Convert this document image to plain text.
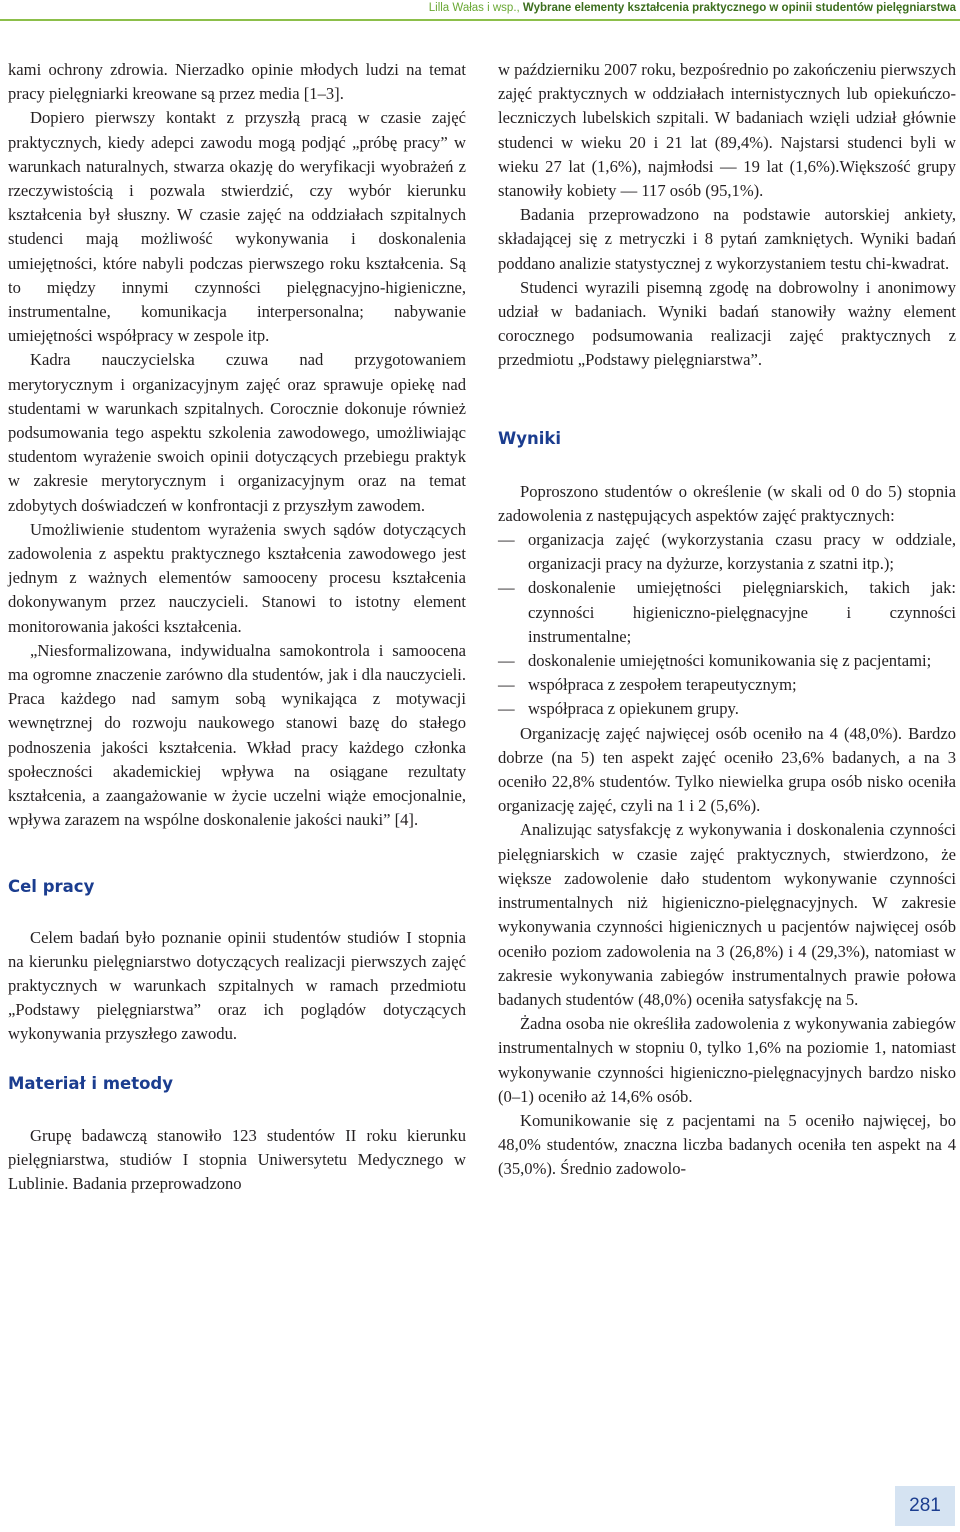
Lilla Wałas i wsp., Wybrane elementy kształcenia praktycznego w opinii studentów pielęgniarstwa

kami ochrony zdrowia. Nierzadko opinie młodych ludzi na temat pracy pielęgniarki kreowane są przez media [1–3].

Dopiero pierwszy kontakt z przyszłą pracą w czasie zajęć praktycznych, kiedy adepci zawodu mogą podjąć „próbę pracy” w warunkach naturalnych, stwarza okazję do weryfikacji wyobrażeń z rzeczywistością i pozwala stwierdzić, czy wybór kierunku kształcenia był słuszny. W czasie zajęć na oddziałach szpitalnych studenci mają możliwość wykonywania i doskonalenia umiejętności, które nabyli podczas pierwszego roku kształcenia. Są to między innymi czynności pielęgnacyjno-higieniczne, instrumentalne, komunikacja interpersonalna; nabywanie umiejętności współpracy w zespole itp.

Kadra nauczycielska czuwa nad przygotowaniem merytorycznym i organizacyjnym zajęć oraz sprawuje opiekę nad studentami w warunkach szpitalnych. Corocznie dokonuje również podsumowania tego aspektu szkolenia zawodowego, umożliwiając studentom wyrażenie swoich opinii dotyczących przebiegu praktyk w zakresie merytorycznym i organizacyjnym oraz na temat zdobytych doświadczeń w konfrontacji z przyszłym zawodem.

Umożliwienie studentom wyrażenia swych sądów dotyczących zadowolenia z aspektu praktycznego kształcenia zawodowego jest jednym z ważnych elementów samooceny procesu kształcenia dokonywanym przez nauczycieli. Stanowi to istotny element monitorowania jakości kształcenia.

„Niesformalizowana, indywidualna samokontrola i samoocena ma ogromne znaczenie zarówno dla studentów, jak i dla nauczycieli. Praca każdego nad samym sobą wynikająca z motywacji wewnętrznej do rozwoju naukowego stanowi bazę do stałego podnoszenia jakości kształcenia. Wkład pracy każdego członka społeczności akademickiej wpływa na osiągane rezultaty kształcenia, a zaangażowanie w życie uczelni wiąże emocjonalnie, wpływa zarazem na wspólne doskonalenie jakości nauki” [4].

Cel pracy

Celem badań było poznanie opinii studentów studiów I stopnia na kierunku pielęgniarstwo dotyczących realizacji pierwszych zajęć praktycznych w warunkach szpitalnych w ramach przedmiotu „Podstawy pielęgniarstwa” oraz ich poglądów dotyczących wykonywania przyszłego zawodu.

Materiał i metody

Grupę badawczą stanowiło 123 studentów II roku kierunku pielęgniarstwa, studiów I stopnia Uniwersytetu Medycznego w Lublinie. Badania przeprowadzono

w październiku 2007 roku, bezpośrednio po zakończeniu pierwszych zajęć praktycznych w oddziałach internistycznych lub opiekuńczo-leczniczych lubelskich szpitali. W badaniach wzięli udział głównie studenci w wieku 20 i 21 lat (89,4%). Najstarsi studenci byli w wieku 27 lat (1,6%), najmłodsi — 19 lat (1,6%).Większość grupy stanowiły kobiety — 117 osób (95,1%).

Badania przeprowadzono na podstawie autorskiej ankiety, składającej się z metryczki i 8 pytań zamkniętych. Wyniki badań poddano analizie statystycznej z wykorzystaniem testu chi-kwadrat.

Studenci wyrazili pisemną zgodę na dobrowolny i anonimowy udział w badaniach. Wyniki badań stanowiły ważny element corocznego podsumowania realizacji zajęć praktycznych z przedmiotu „Podstawy pielęgniarstwa”.

Wyniki

Poproszono studentów o określenie (w skali od 0 do 5) stopnia zadowolenia z następujących aspektów zajęć praktycznych:

— organizacja zajęć (wykorzystania czasu pracy w oddziale, organizacji pracy na dyżurze, korzystania z szatni itp.);
— doskonalenie umiejętności pielęgniarskich, takich jak: czynności higieniczno-pielęgnacyjne i czynności instrumentalne;
— doskonalenie umiejętności komunikowania się z pacjentami;
— współpraca z zespołem terapeutycznym;
— współpraca z opiekunem grupy.

Organizację zajęć najwięcej osób oceniło na 4 (48,0%). Bardzo dobrze (na 5) ten aspekt zajęć oceniło 23,6% badanych, a na 3 oceniło 22,8% studentów. Tylko niewielka grupa osób nisko oceniła organizację zajęć, czyli na 1 i 2 (5,6%).

Analizując satysfakcję z wykonywania i doskonalenia czynności pielęgniarskich w czasie zajęć praktycznych, stwierdzono, że większe zadowolenie dało studentom wykonywanie czynności instrumentalnych niż higieniczno-pielęgnacyjnych. W zakresie wykonywania czynności higienicznych u pacjentów najwięcej osób oceniło poziom zadowolenia na 3 (26,8%) i 4 (29,3%), natomiast w zakresie wykonywania zabiegów instrumentalnych prawie połowa badanych studentów (48,0%) oceniła satysfakcję na 5.

Żadna osoba nie określiła zadowolenia z wykonywania zabiegów instrumentalnych w stopniu 0, tylko 1,6% na poziomie 1, natomiast wykonywanie czynności higieniczno-pielęgnacyjnych bardzo nisko (0–1) oceniło aż 14,6% osób.

Komunikowanie się z pacjentami na 5 oceniło najwięcej, bo 48,0% studentów, znaczna liczba badanych oceniła ten aspekt na 4 (35,0%). Średnio zadowolo-

281
